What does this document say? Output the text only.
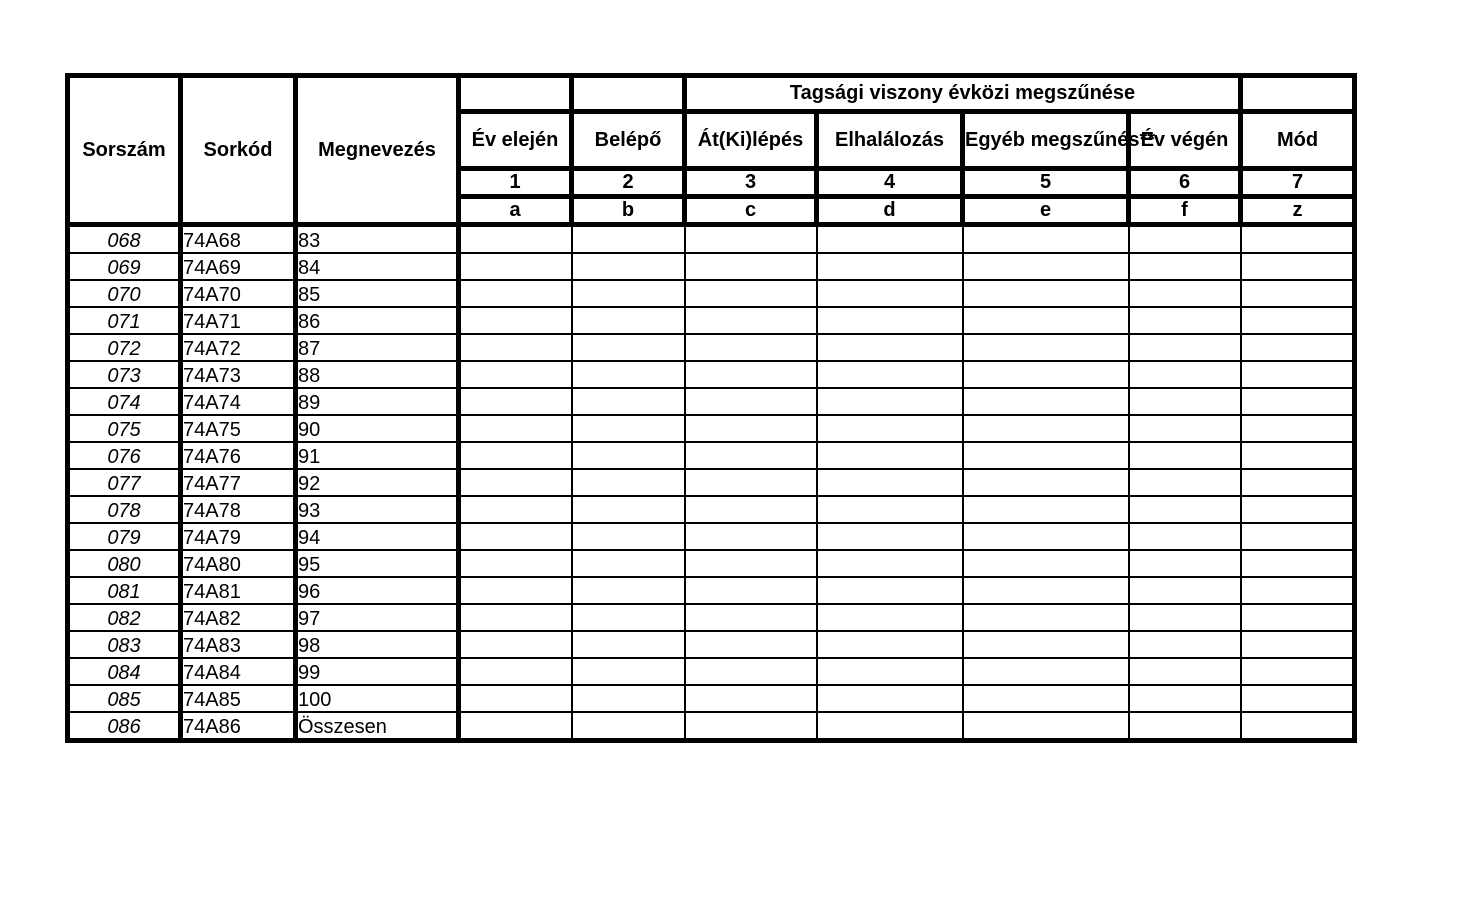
Sorszám	Sorkód	Megnevezés			Tagsági viszony évközi megszűnése				
			Év elején	Belépő	Át(Ki)lépés	Elhalálozás	Egyéb megszűnés**	Év végén	Mód
			1	2	3	4	5	6	7
			a	b	c	d	e	f	z
068	74A68	83							
069	74A69	84							
070	74A70	85							
071	74A71	86							
072	74A72	87							
073	74A73	88							
074	74A74	89							
075	74A75	90							
076	74A76	91							
077	74A77	92							
078	74A78	93							
079	74A79	94							
080	74A80	95							
081	74A81	96							
082	74A82	97							
083	74A83	98							
084	74A84	99							
085	74A85	100							
086	74A86	Összesen							
